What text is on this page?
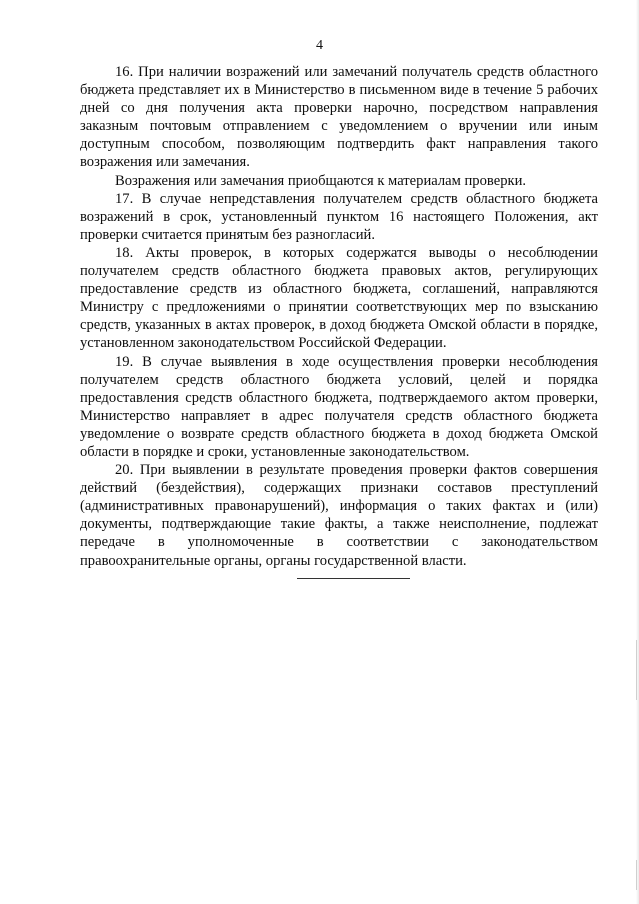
4

16. При наличии возражений или замечаний получатель средств областного бюджета представляет их в Министерство в письменном виде в течение 5 рабочих дней со дня получения акта проверки нарочно, посредством направления заказным почтовым отправлением с уведомлением о вручении или иным доступным способом, позволяющим подтвердить факт направления такого возражения или замечания.

Возражения или замечания приобщаются к материалам проверки.

17. В случае непредставления получателем средств областного бюджета возражений в срок, установленный пунктом 16 настоящего Положения, акт проверки считается принятым без разногласий.

18. Акты проверок, в которых содержатся выводы о несоблюдении получателем средств областного бюджета правовых актов, регулирующих предоставление средств из областного бюджета, соглашений, направляются Министру с предложениями о принятии соответствующих мер по взысканию средств, указанных в актах проверок, в доход бюджета Омской области в порядке, установленном законодательством Российской Федерации.

19. В случае выявления в ходе осуществления проверки несоблюдения получателем средств областного бюджета условий, целей и порядка предоставления средств областного бюджета, подтверждаемого актом проверки, Министерство направляет в адрес получателя средств областного бюджета уведомление о возврате средств областного бюджета в доход бюджета Омской области в порядке и сроки, установленные законодательством.

20. При выявлении в результате проведения проверки фактов совершения действий (бездействия), содержащих признаки составов преступлений (административных правонарушений), информация о таких фактах и (или) документы, подтверждающие такие факты, а также неисполнение, подлежат передаче в уполномоченные в соответствии с законодательством правоохранительные органы, органы государственной власти.
